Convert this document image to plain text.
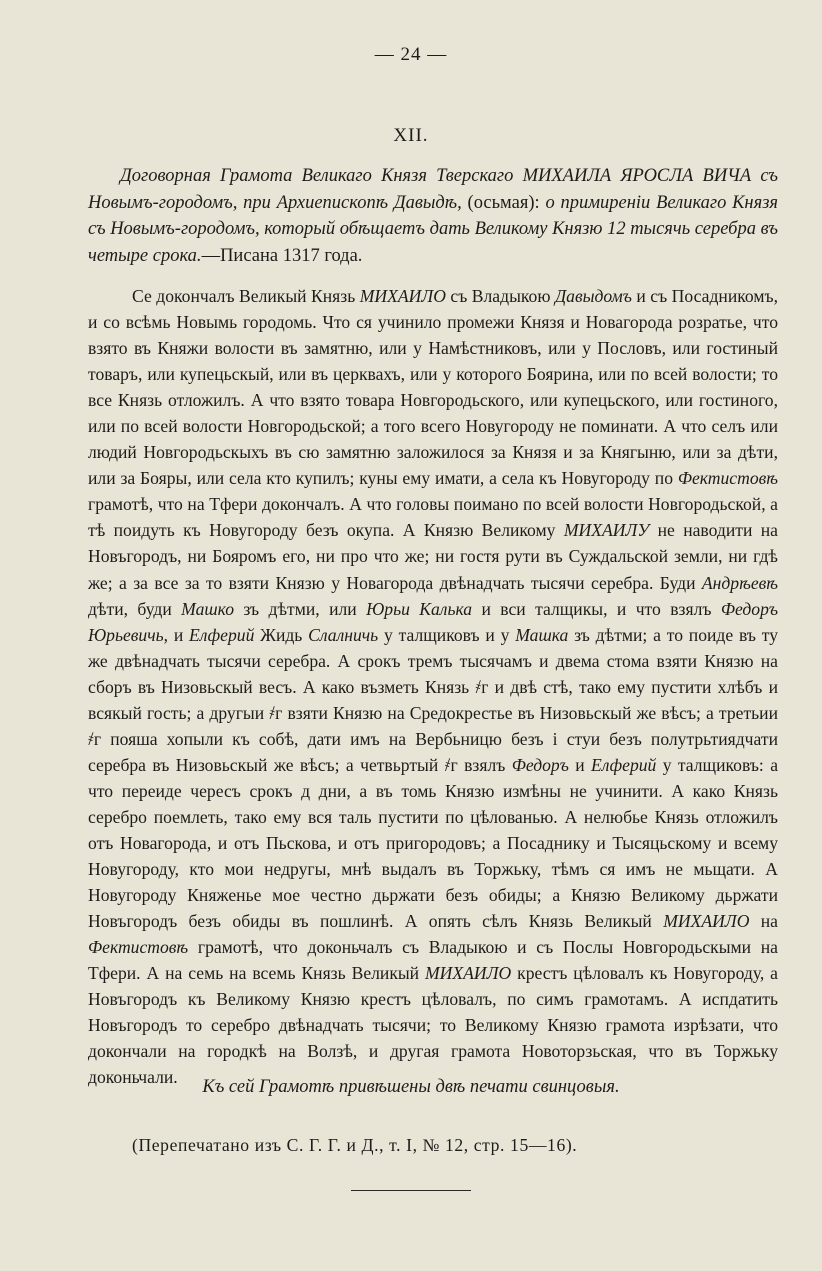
— 24 —
XII.
Договорная Грамота Великаго Князя Тверскаго МИХАИЛА ЯРОСЛА ВИЧА съ Новымъ-городомъ, при Архиепископѣ Давыдѣ, (осьмая): о примиреніи Великаго Князя съ Новымъ-городомъ, который обѣщаетъ дать Великому Князю 12 тысячь серебра въ четыре срока.—Писана 1317 года.
Се докончалъ Великый Князь МИХАИЛО съ Владыкою Давыдомъ и съ Посадникомъ, и со всѣмь Новымь городомь. Что ся учинило промежи Князя и Новагорода розратье, что взято въ Княжи волости въ замятню, или у Намѣстниковъ, или у Пословъ, или гостиный товаръ, или купецьскый, или въ церквахъ, или у которого Боярина, или по всей волости; то все Князь отложилъ. А что взято товара Новгородьского, или купецьского, или гостиного, или по всей волости Новгородьской; а того всего Новугороду не поминати. А что селъ или людий Новгородьскыхъ въ сю замятню заложилося за Князя и за Княгыню, или за дѣти, или за Бояры, или села кто купилъ; куны ему имати, а села къ Новугороду по Фектистовѣ грамотѣ, что на Тфери докончалъ. А что головы поимано по всей волости Новгородьской, а тѣ поидуть къ Новугороду безъ окупа. А Князю Великому МИХАИЛУ не наводити на Новъгородъ, ни Бояромъ его, ни про что же; ни гостя рути въ Суждальской земли, ни гдѣ же; а за все за то взяти Князю у Новагорода двѣнадчать тысячи серебра. Буди Андрѣевѣ дѣти, буди Машко зъ дѣтми, или Юрьи Калька и вси талщикы, и что взялъ Федоръ Юрьевичь, и Елферий Жидь Слалничь у талщиковъ и у Машка зъ дѣтми; а то поиде въ ту же двѣнадчать тысячи серебра. А срокъ тремъ тысячамъ и двема стома взяти Князю на сборъ въ Низовьскый весъ. А како възметь Князь ҂г и двѣ стѣ, тако ему пустити хлѣбъ и всякый гость; а другыи ҂г взяти Князю на Средокрестье въ Низовьскый же вѣсъ; а третьии ҂г пояша хопыли къ собѣ, дати имъ на Вербьницю безъ і стуи безъ полутрьтиядчати серебра въ Низовьскый же вѣсъ; а четвьртый ҂г взялъ Федоръ и Елферий у талщиковъ: а что переиде чересъ срокъ д дни, а въ томь Князю измѣны не учинити. А како Князь серебро поемлеть, тако ему вся таль пустити по цѣлованью. А нелюбье Князь отложилъ отъ Новагорода, и отъ Пьскова, и отъ пригородовъ; а Посаднику и Тысяцьскому и всему Новугороду, кто мои недругы, мнѣ выдалъ въ Торжьку, тѣмъ ся имъ не мьщати. А Новугороду Княженье мое честно дьржати безъ обиды; а Князю Великому дьржати Новъгородъ безъ обиды въ пошлинѣ. А опять сѣлъ Князь Великый МИХАИЛО на Фектистовѣ грамотѣ, что доконьчалъ съ Владыкою и съ Послы Новгородьскыми на Тфери. А на семь на всемь Князь Великый МИХАИЛО крестъ цѣловалъ къ Новугороду, а Новъгородъ къ Великому Князю крестъ цѣловалъ, по симъ грамотамъ. А испдатить Новъгородъ то серебро двѣнадчать тысячи; то Великому Князю грамота изрѣзати, что докончали на городкѣ на Волзѣ, и другая грамота Новоторзьская, что въ Торжьку доконьчали.	Къ сей Грамотѣ привѣшены двѣ печати свинцовыя.
(Перепечатано изъ С. Г. Г. и Д., т. I, № 12, стр. 15—16).
